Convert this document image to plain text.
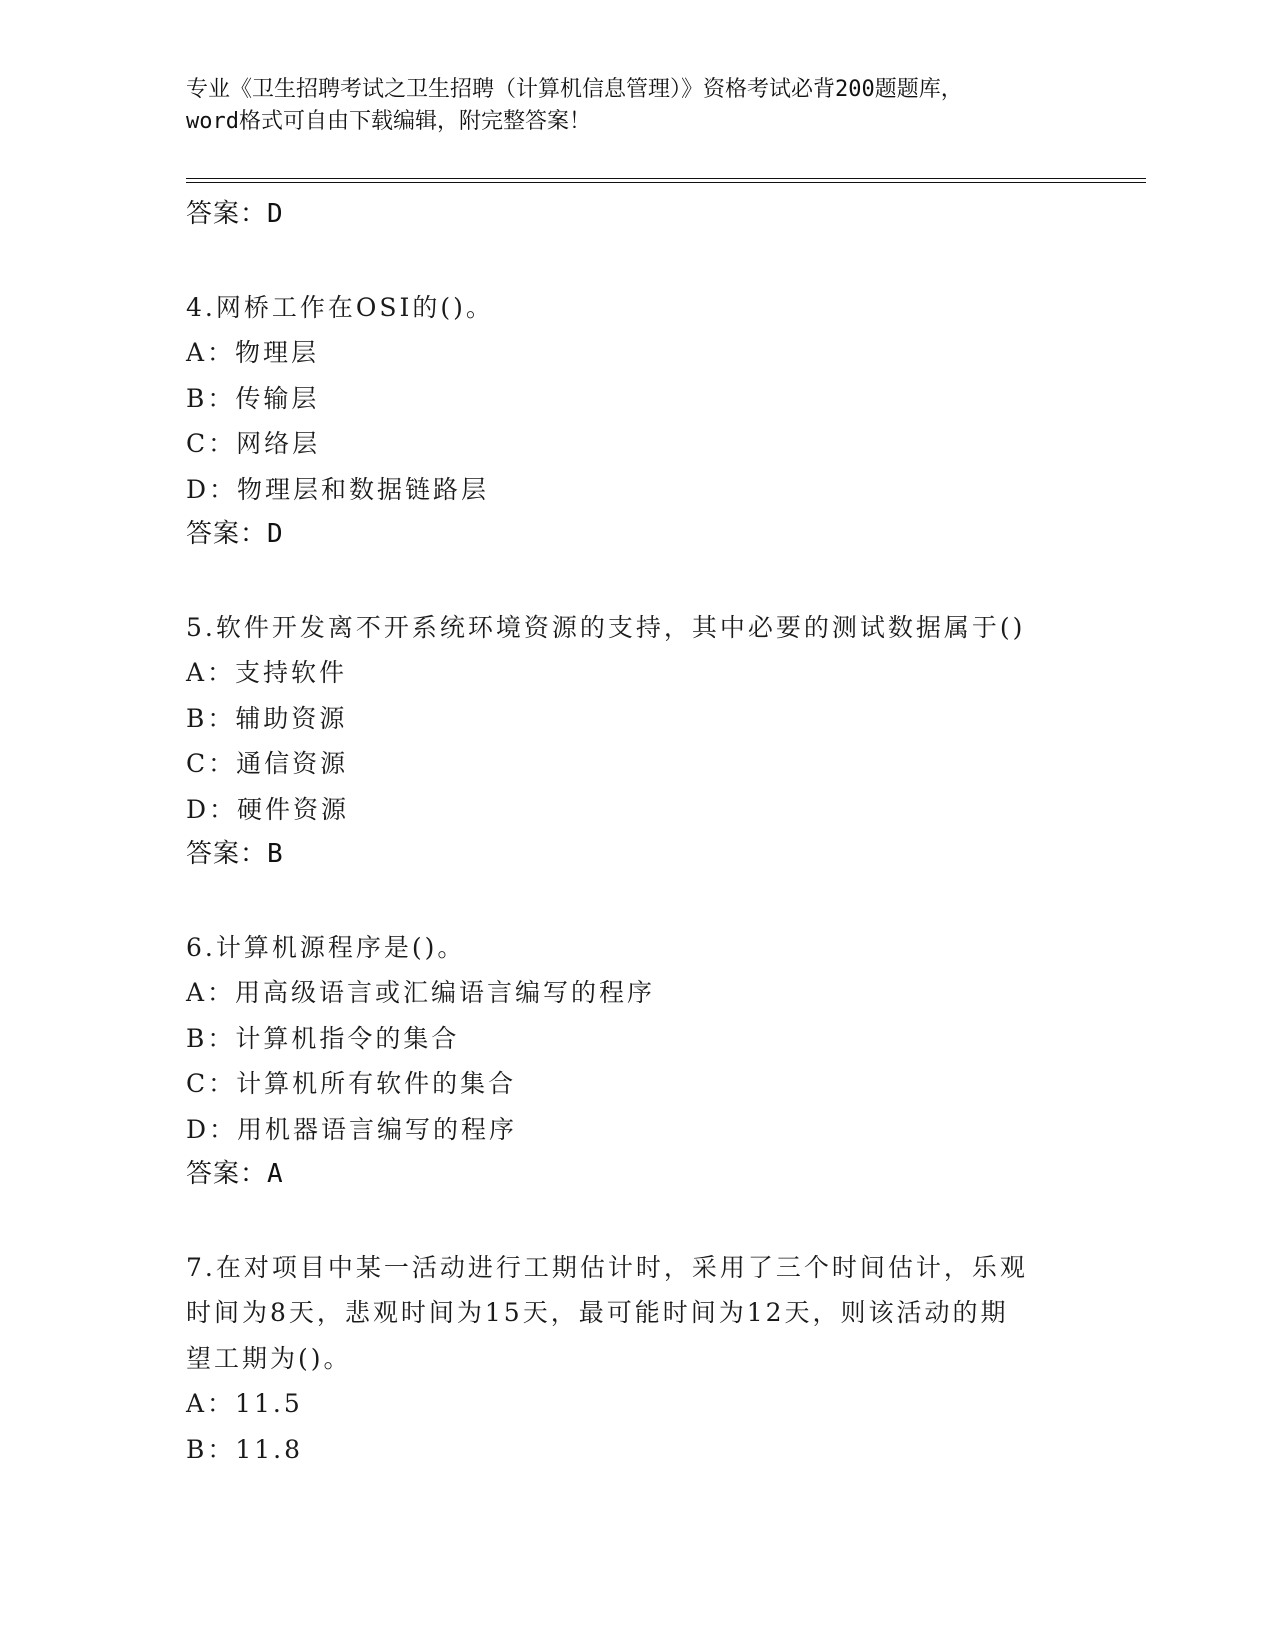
专业《卫生招聘考试之卫生招聘（计算机信息管理）》资格考试必背200题题库，
word格式可自由下载编辑，附完整答案！
答案：D
4.网桥工作在OSI的()。
A：物理层
B：传输层
C：网络层
D：物理层和数据链路层
答案：D
5.软件开发离不开系统环境资源的支持，其中必要的测试数据属于()
A：支持软件
B：辅助资源
C：通信资源
D：硬件资源
答案：B
6.计算机源程序是()。
A：用高级语言或汇编语言编写的程序
B：计算机指令的集合
C：计算机所有软件的集合
D：用机器语言编写的程序
答案：A
7.在对项目中某一活动进行工期估计时，采用了三个时间估计，乐观
时间为8天，悲观时间为15天，最可能时间为12天，则该活动的期
望工期为()。
A：11.5
B：11.8
